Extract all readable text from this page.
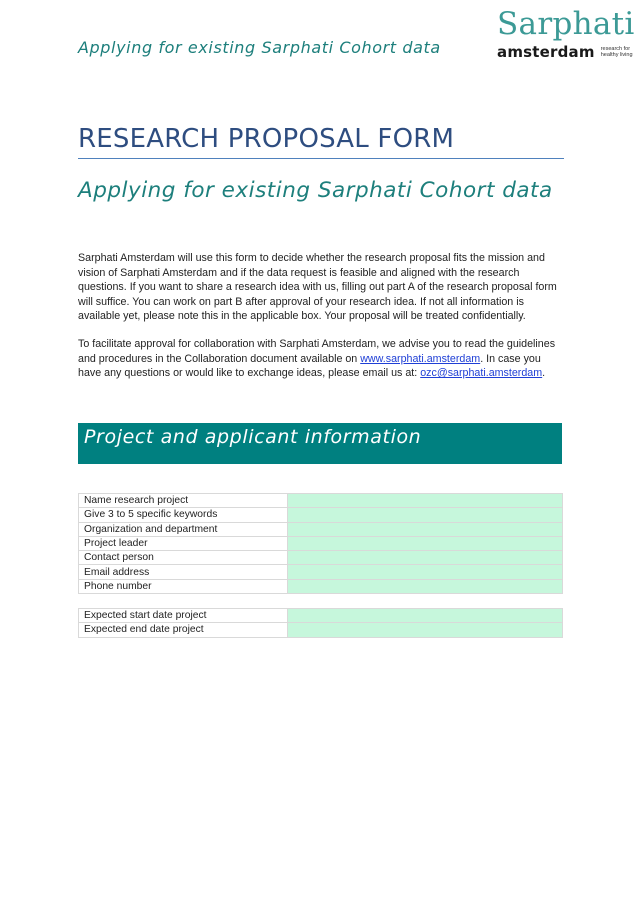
Applying for existing Sarphati Cohort data

Sarphati
amsterdam research for healthy living
RESEARCH PROPOSAL FORM
Applying for existing Sarphati Cohort data

Sarphati Amsterdam will use this form to decide whether the research proposal fits the mission and vision of Sarphati Amsterdam and if the data request is feasible and aligned with the research questions. If you want to share a research idea with us, filling out part A of the research proposal form will suffice. You can work on part B after approval of your research idea. If not all information is available yet, please note this in the applicable box. Your proposal will be treated confidentially.

To facilitate approval for collaboration with Sarphati Amsterdam, we advise you to read the guidelines and procedures in the Collaboration document available on www.sarphati.amsterdam. In case you have any questions or would like to exchange ideas, please email us at: ozc@sarphati.amsterdam.

Project and applicant information
Name research project	
Give 3 to 5 specific keywords	
Organization and department	
Project leader	
Contact person	
Email address	
Phone number	
Expected start date project	
Expected end date project	
